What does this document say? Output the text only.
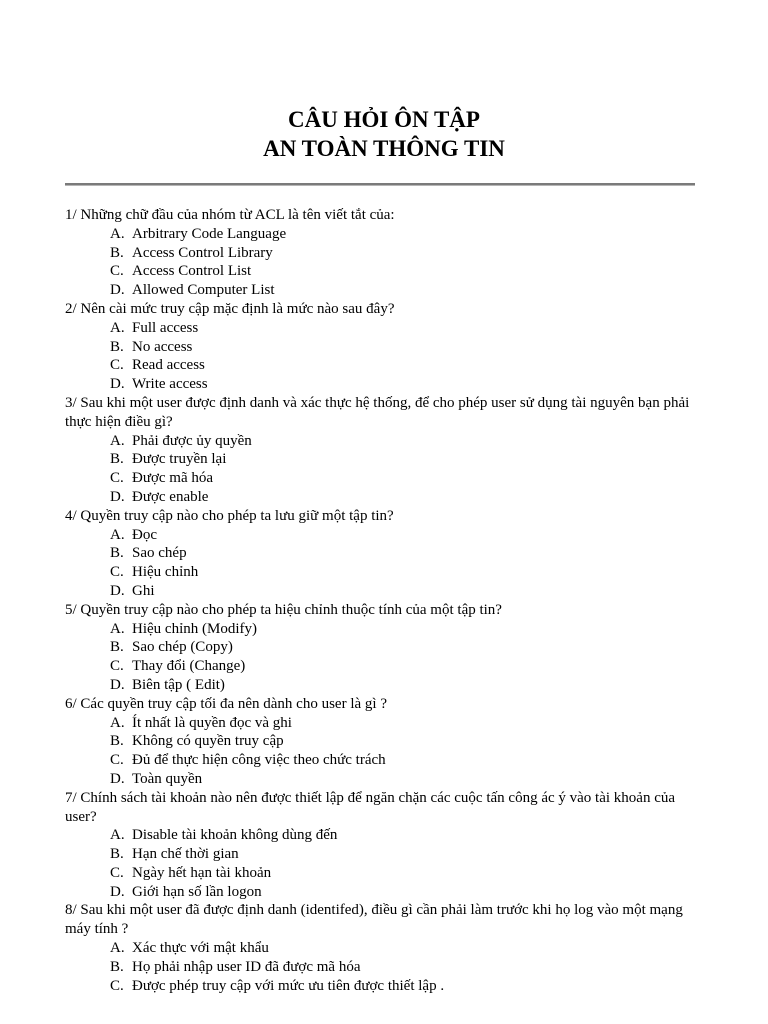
CÂU HỎI ÔN TẬP
AN TOÀN THÔNG TIN

1/ Những chữ đầu của nhóm từ ACL là tên viết tắt của:

A. Arbitrary Code Language
B. Access Control Library
C. Access Control List
D. Allowed Computer List

2/ Nên cài mức truy cập mặc định là mức nào sau đây?

A. Full access
B. No access
C. Read access
D. Write access

3/ Sau khi một user được định danh và xác thực hệ thống, để cho phép user sử dụng tài nguyên bạn phải thực hiện điều gì?

A. Phải được ủy quyền
B. Được truyền lại
C. Được mã hóa
D. Được enable

4/ Quyền truy cập nào cho phép ta lưu giữ một tập tin?

A. Đọc
B. Sao chép
C. Hiệu chỉnh
D. Ghi

5/ Quyền truy cập nào cho phép ta hiệu chỉnh thuộc tính của một tập tin?

A. Hiệu chỉnh (Modify)
B. Sao chép (Copy)
C. Thay đổi (Change)
D. Biên tập ( Edit)

6/ Các quyền truy cập tối đa nên dành cho user là gì ?

A. Ít nhất là quyền đọc và ghi
B. Không có quyền truy cập
C. Đủ để thực hiện công việc theo chức trách
D. Toàn quyền

7/ Chính sách tài khoản nào nên được thiết lập để ngăn chặn các cuộc tấn công ác ý vào tài khoản của user?

A. Disable tài khoản không dùng đến
B. Hạn chế thời gian
C. Ngày hết hạn tài khoản
D. Giới hạn số lần logon

8/ Sau khi một user đã được định danh (identifed), điều gì cần phải làm trước khi họ log vào một mạng máy tính ?

A. Xác thực với mật khẩu
B. Họ phải nhập user ID đã được mã hóa
C. Được phép truy cập với mức ưu tiên được thiết lập .
